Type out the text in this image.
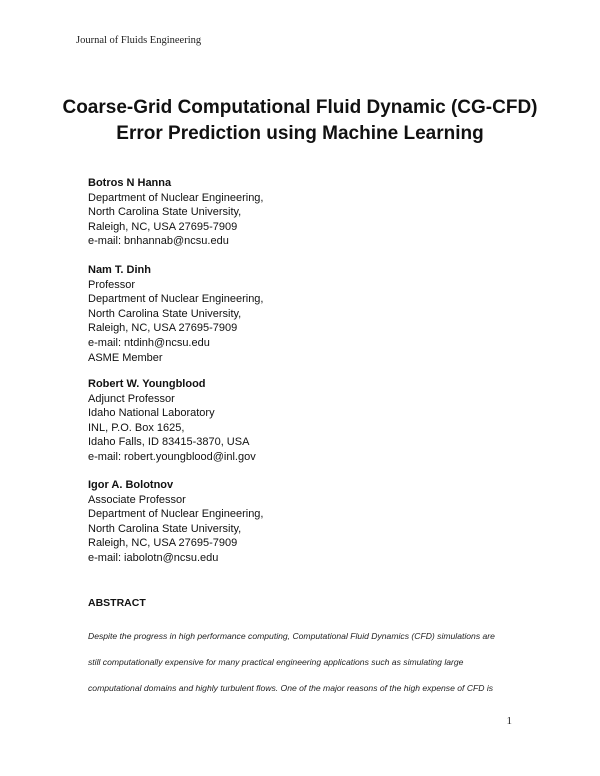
Journal of Fluids Engineering
Coarse-Grid Computational Fluid Dynamic (CG-CFD)
Error Prediction using Machine Learning
Botros N Hanna
Department of Nuclear Engineering,
North Carolina State University,
Raleigh, NC, USA 27695-7909
e-mail: bnhannab@ncsu.edu
Nam T. Dinh
Professor
Department of Nuclear Engineering,
North Carolina State University,
Raleigh, NC, USA 27695-7909
e-mail: ntdinh@ncsu.edu
ASME Member
Robert W. Youngblood
Adjunct Professor
Idaho National Laboratory
INL, P.O. Box 1625,
Idaho Falls, ID 83415-3870, USA
e-mail: robert.youngblood@inl.gov
Igor A. Bolotnov
Associate Professor
Department of Nuclear Engineering,
North Carolina State University,
Raleigh, NC, USA 27695-7909
e-mail: iabolotn@ncsu.edu
ABSTRACT
Despite the progress in high performance computing, Computational Fluid Dynamics (CFD) simulations are
still computationally expensive for many practical engineering applications such as simulating large
computational domains and highly turbulent flows. One of the major reasons of the high expense of CFD is
1
